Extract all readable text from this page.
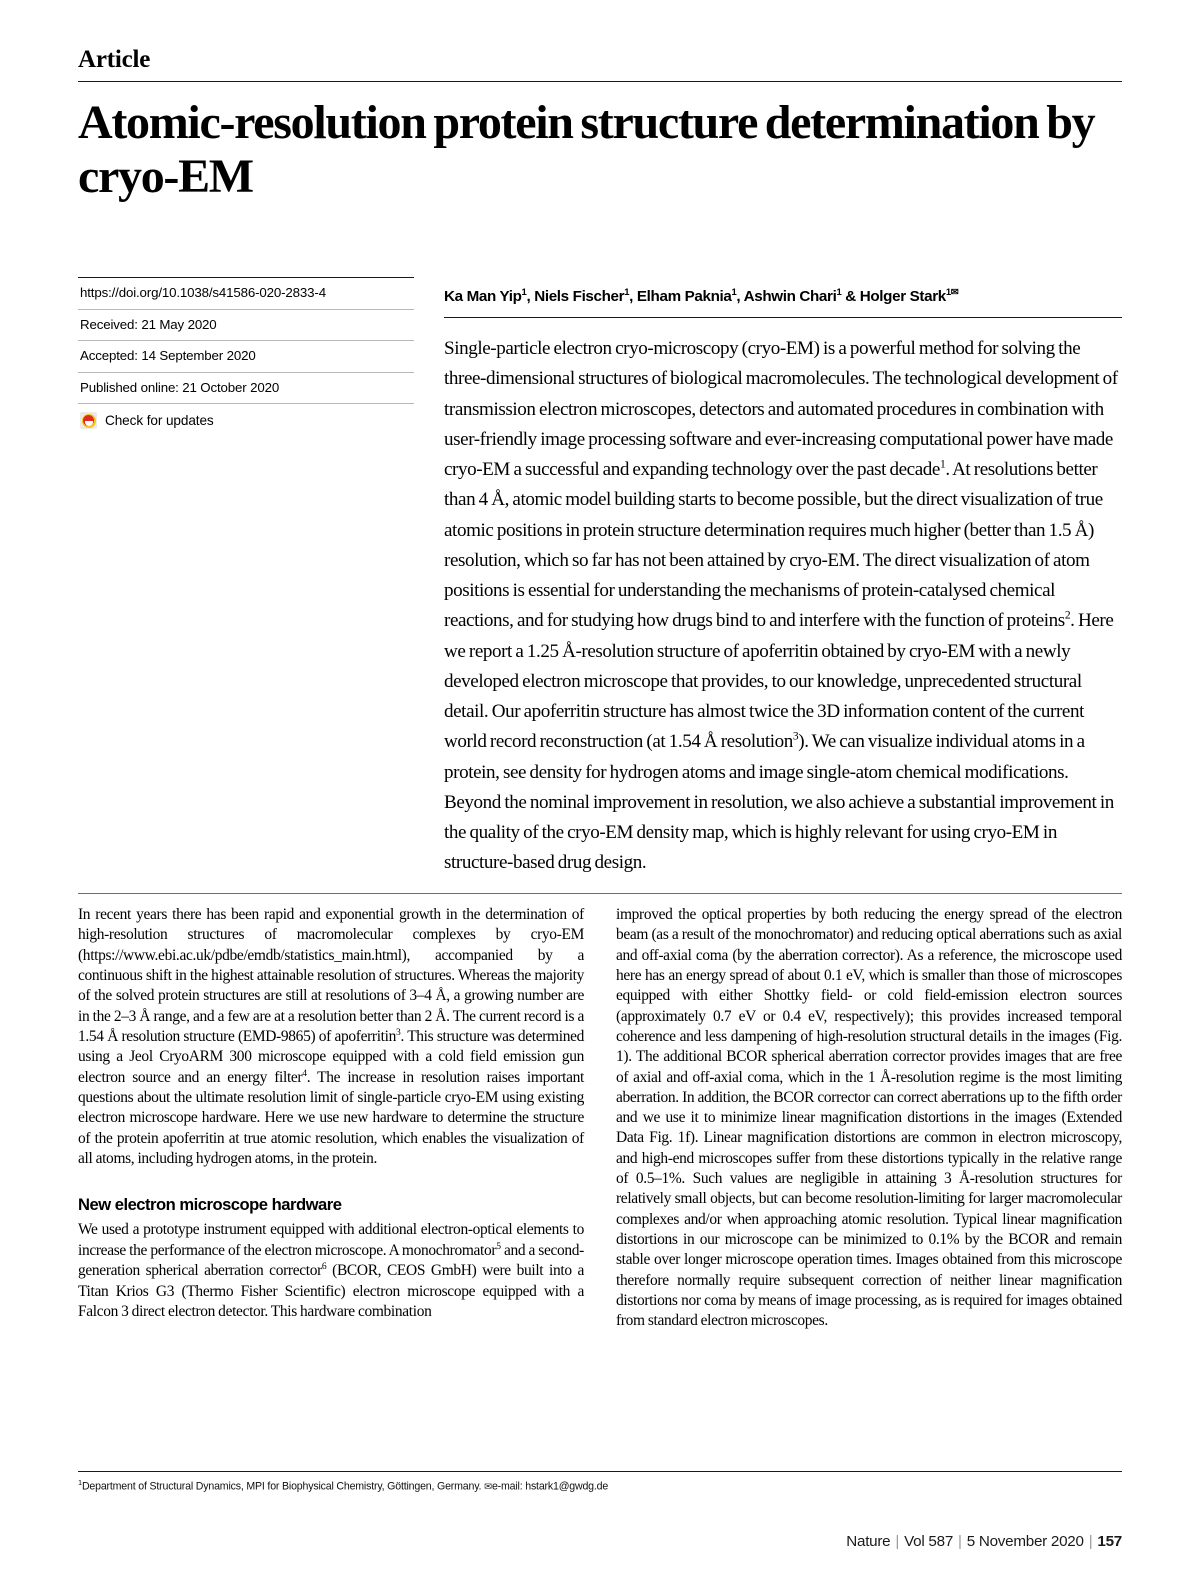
Article
Atomic-resolution protein structure determination by cryo-EM
https://doi.org/10.1038/s41586-020-2833-4
Received: 21 May 2020
Accepted: 14 September 2020
Published online: 21 October 2020
Check for updates
Ka Man Yip$^1$, Niels Fischer$^1$, Elham Paknia$^1$, Ashwin Chari$^1$ & Holger Stark$^{1✉}$

Single-particle electron cryo-microscopy (cryo-EM) is a powerful method for solving the three-dimensional structures of biological macromolecules. The technological development of transmission electron microscopes, detectors and automated procedures in combination with user-friendly image processing software and ever-increasing computational power have made cryo-EM a successful and expanding technology over the past decade$^1$. At resolutions better than 4 Å, atomic model building starts to become possible, but the direct visualization of true atomic positions in protein structure determination requires much higher (better than 1.5 Å) resolution, which so far has not been attained by cryo-EM. The direct visualization of atom positions is essential for understanding the mechanisms of protein-catalysed chemical reactions, and for studying how drugs bind to and interfere with the function of proteins$^2$. Here we report a 1.25 Å-resolution structure of apoferritin obtained by cryo-EM with a newly developed electron microscope that provides, to our knowledge, unprecedented structural detail. Our apoferritin structure has almost twice the 3D information content of the current world record reconstruction (at 1.54 Å resolution$^3$). We can visualize individual atoms in a protein, see density for hydrogen atoms and image single-atom chemical modifications. Beyond the nominal improvement in resolution, we also achieve a substantial improvement in the quality of the cryo-EM density map, which is highly relevant for using cryo-EM in structure-based drug design.

In recent years there has been rapid and exponential growth in the determination of high-resolution structures of macromolecular complexes by cryo-EM (https://www.ebi.ac.uk/pdbe/emdb/statistics_main.html), accompanied by a continuous shift in the highest attainable resolution of structures. Whereas the majority of the solved protein structures are still at resolutions of 3–4 Å, a growing number are in the 2–3 Å range, and a few are at a resolution better than 2 Å. The current record is a 1.54 Å resolution structure (EMD-9865) of apoferritin$^3$. This structure was determined using a Jeol CryoARM 300 microscope equipped with a cold field emission gun electron source and an energy filter$^4$. The increase in resolution raises important questions about the ultimate resolution limit of single-particle cryo-EM using existing electron microscope hardware. Here we use new hardware to determine the structure of the protein apoferritin at true atomic resolution, which enables the visualization of all atoms, including hydrogen atoms, in the protein.

New electron microscope hardware

We used a prototype instrument equipped with additional electron-optical elements to increase the performance of the electron microscope. A monochromator$^5$ and a second-generation spherical aberration corrector$^6$ (BCOR, CEOS GmbH) were built into a Titan Krios G3 (Thermo Fisher Scientific) electron microscope equipped with a Falcon 3 direct electron detector. This hardware combination

improved the optical properties by both reducing the energy spread of the electron beam (as a result of the monochromator) and reducing optical aberrations such as axial and off-axial coma (by the aberration corrector). As a reference, the microscope used here has an energy spread of about 0.1 eV, which is smaller than those of microscopes equipped with either Shottky field- or cold field-emission electron sources (approximately 0.7 eV or 0.4 eV, respectively); this provides increased temporal coherence and less dampening of high-resolution structural details in the images (Fig. 1). The additional BCOR spherical aberration corrector provides images that are free of axial and off-axial coma, which in the 1 Å-resolution regime is the most limiting aberration. In addition, the BCOR corrector can correct aberrations up to the fifth order and we use it to minimize linear magnification distortions in the images (Extended Data Fig. 1f). Linear magnification distortions are common in electron microscopy, and high-end microscopes suffer from these distortions typically in the relative range of 0.5–1%. Such values are negligible in attaining 3 Å-resolution structures for relatively small objects, but can become resolution-limiting for larger macromolecular complexes and/or when approaching atomic resolution. Typical linear magnification distortions in our microscope can be minimized to 0.1% by the BCOR and remain stable over longer microscope operation times. Images obtained from this microscope therefore normally require subsequent correction of neither linear magnification distortions nor coma by means of image processing, as is required for images obtained from standard electron microscopes.

$^1$Department of Structural Dynamics, MPI for Biophysical Chemistry, Göttingen, Germany. ✉e-mail: hstark1@gwdg.de
Nature | Vol 587 | 5 November 2020 | 157
